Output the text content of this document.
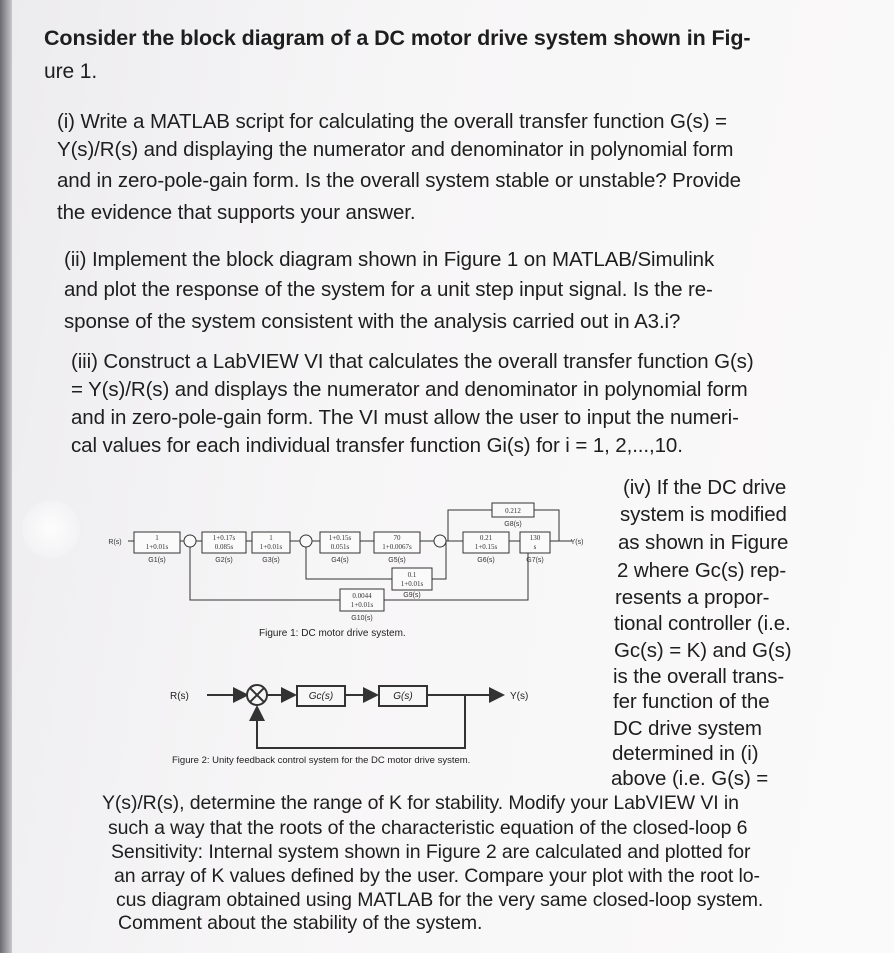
Consider the block diagram of a DC motor drive system shown in Fig-
ure 1.
(i) Write a MATLAB script for calculating the overall transfer function G(s) =
Y(s)/R(s) and displaying the numerator and denominator in polynomial form
and in zero-pole-gain form. Is the overall system stable or unstable? Provide
the evidence that supports your answer.
(ii) Implement the block diagram shown in Figure 1 on MATLAB/Simulink
and plot the response of the system for a unit step input signal. Is the re-
sponse of the system consistent with the analysis carried out in A3.i?
(iii) Construct a LabVIEW VI that calculates the overall transfer function G(s)
= Y(s)/R(s) and displays the numerator and denominator in polynomial form
and in zero-pole-gain form. The VI must allow the user to input the numeri-
cal values for each individual transfer function Gi(s) for i = 1, 2,...,10.
(iv) If the DC drive
system is modified
as shown in Figure
2 where Gc(s) rep-
resents a propor-
tional controller (i.e.
Gc(s) = K) and G(s)
is the overall trans-
fer function of the
DC drive system
determined in (i)
above (i.e. G(s) =
Y(s)/R(s), determine the range of K for stability. Modify your LabVIEW VI in
such a way that the roots of the characteristic equation of the closed-loop 6
Sensitivity: Internal system shown in Figure 2 are calculated and plotted for
an array of K values defined by the user. Compare your plot with the root lo-
cus diagram obtained using MATLAB for the very same closed-loop system.
Comment about the stability of the system.
R(s)	Y(s)
1
1+0.01s
G1(s)
1+0.17s
0.085s
G2(s)
1
1+0.01s
G3(s)
1+0.15s
0.051s
G4(s)
70
1+0.0067s
G5(s)
0.21
1+0.15s
G6(s)
130
s
G7(s)
0.212
G8(s)
0.1
1+0.01s
G9(s)
0.0044
1+0.01s
G10(s)
Figure 1: DC motor drive system.
R(s)	Y(s)
Gc(s)	G(s)
Figure 2: Unity feedback control system for the DC motor drive system.
